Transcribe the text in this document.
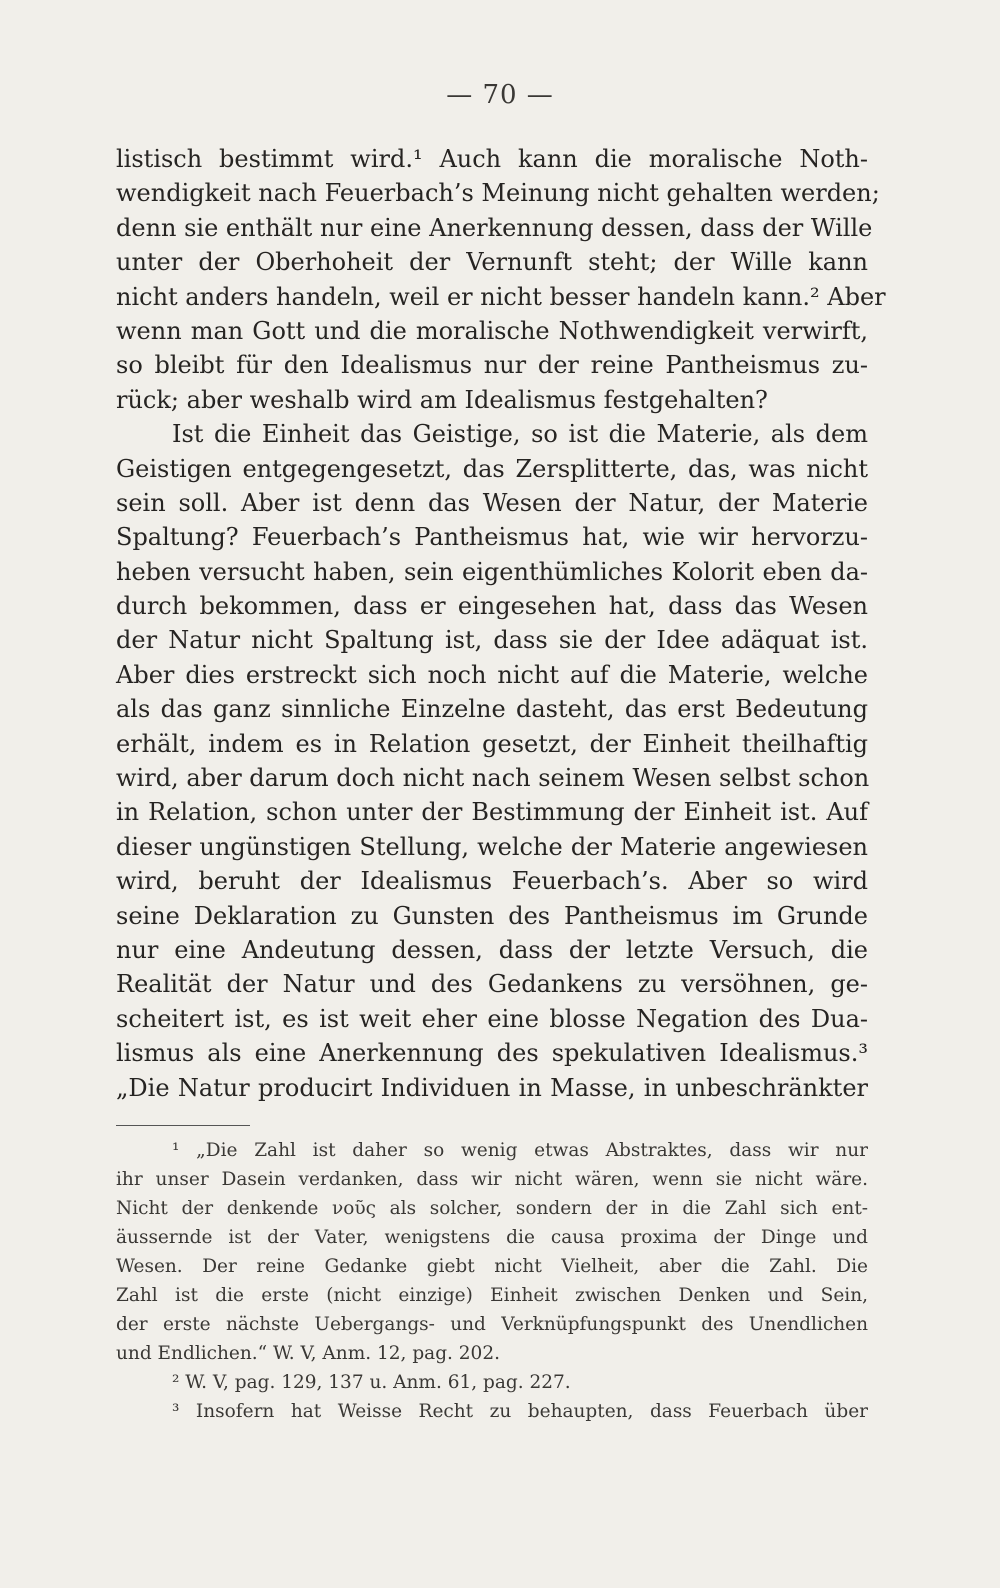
— 70 —
listisch bestimmt wird.¹ Auch kann die moralische Noth-
wendigkeit nach Feuerbach’s Meinung nicht gehalten werden;
denn sie enthält nur eine Anerkennung dessen, dass der Wille
unter der Oberhoheit der Vernunft steht; der Wille kann
nicht anders handeln, weil er nicht besser handeln kann.² Aber
wenn man Gott und die moralische Nothwendigkeit verwirft,
so bleibt für den Idealismus nur der reine Pantheismus zu-
rück; aber weshalb wird am Idealismus festgehalten?
Ist die Einheit das Geistige, so ist die Materie, als dem
Geistigen entgegengesetzt, das Zersplitterte, das, was nicht
sein soll. Aber ist denn das Wesen der Natur, der Materie
Spaltung? Feuerbach’s Pantheismus hat, wie wir hervorzu-
heben versucht haben, sein eigenthümliches Kolorit eben da-
durch bekommen, dass er eingesehen hat, dass das Wesen
der Natur nicht Spaltung ist, dass sie der Idee adäquat ist.
Aber dies erstreckt sich noch nicht auf die Materie, welche
als das ganz sinnliche Einzelne dasteht, das erst Bedeutung
erhält, indem es in Relation gesetzt, der Einheit theilhaftig
wird, aber darum doch nicht nach seinem Wesen selbst schon
in Relation, schon unter der Bestimmung der Einheit ist. Auf
dieser ungünstigen Stellung, welche der Materie angewiesen
wird, beruht der Idealismus Feuerbach’s. Aber so wird
seine Deklaration zu Gunsten des Pantheismus im Grunde
nur eine Andeutung dessen, dass der letzte Versuch, die
Realität der Natur und des Gedankens zu versöhnen, ge-
scheitert ist, es ist weit eher eine blosse Negation des Dua-
lismus als eine Anerkennung des spekulativen Idealismus.³
„Die Natur producirt Individuen in Masse, in unbeschränkter
¹ „Die Zahl ist daher so wenig etwas Abstraktes, dass wir nur
ihr unser Dasein verdanken, dass wir nicht wären, wenn sie nicht wäre.
Nicht der denkende νοῦς als solcher, sondern der in die Zahl sich ent-
äussernde ist der Vater, wenigstens die causa proxima der Dinge und
Wesen. Der reine Gedanke giebt nicht Vielheit, aber die Zahl. Die
Zahl ist die erste (nicht einzige) Einheit zwischen Denken und Sein,
der erste nächste Uebergangs- und Verknüpfungspunkt des Unendlichen
und Endlichen.“ W. V, Anm. 12, pag. 202.
² W. V, pag. 129, 137 u. Anm. 61, pag. 227.
³ Insofern hat Weisse Recht zu behaupten, dass Feuerbach über
